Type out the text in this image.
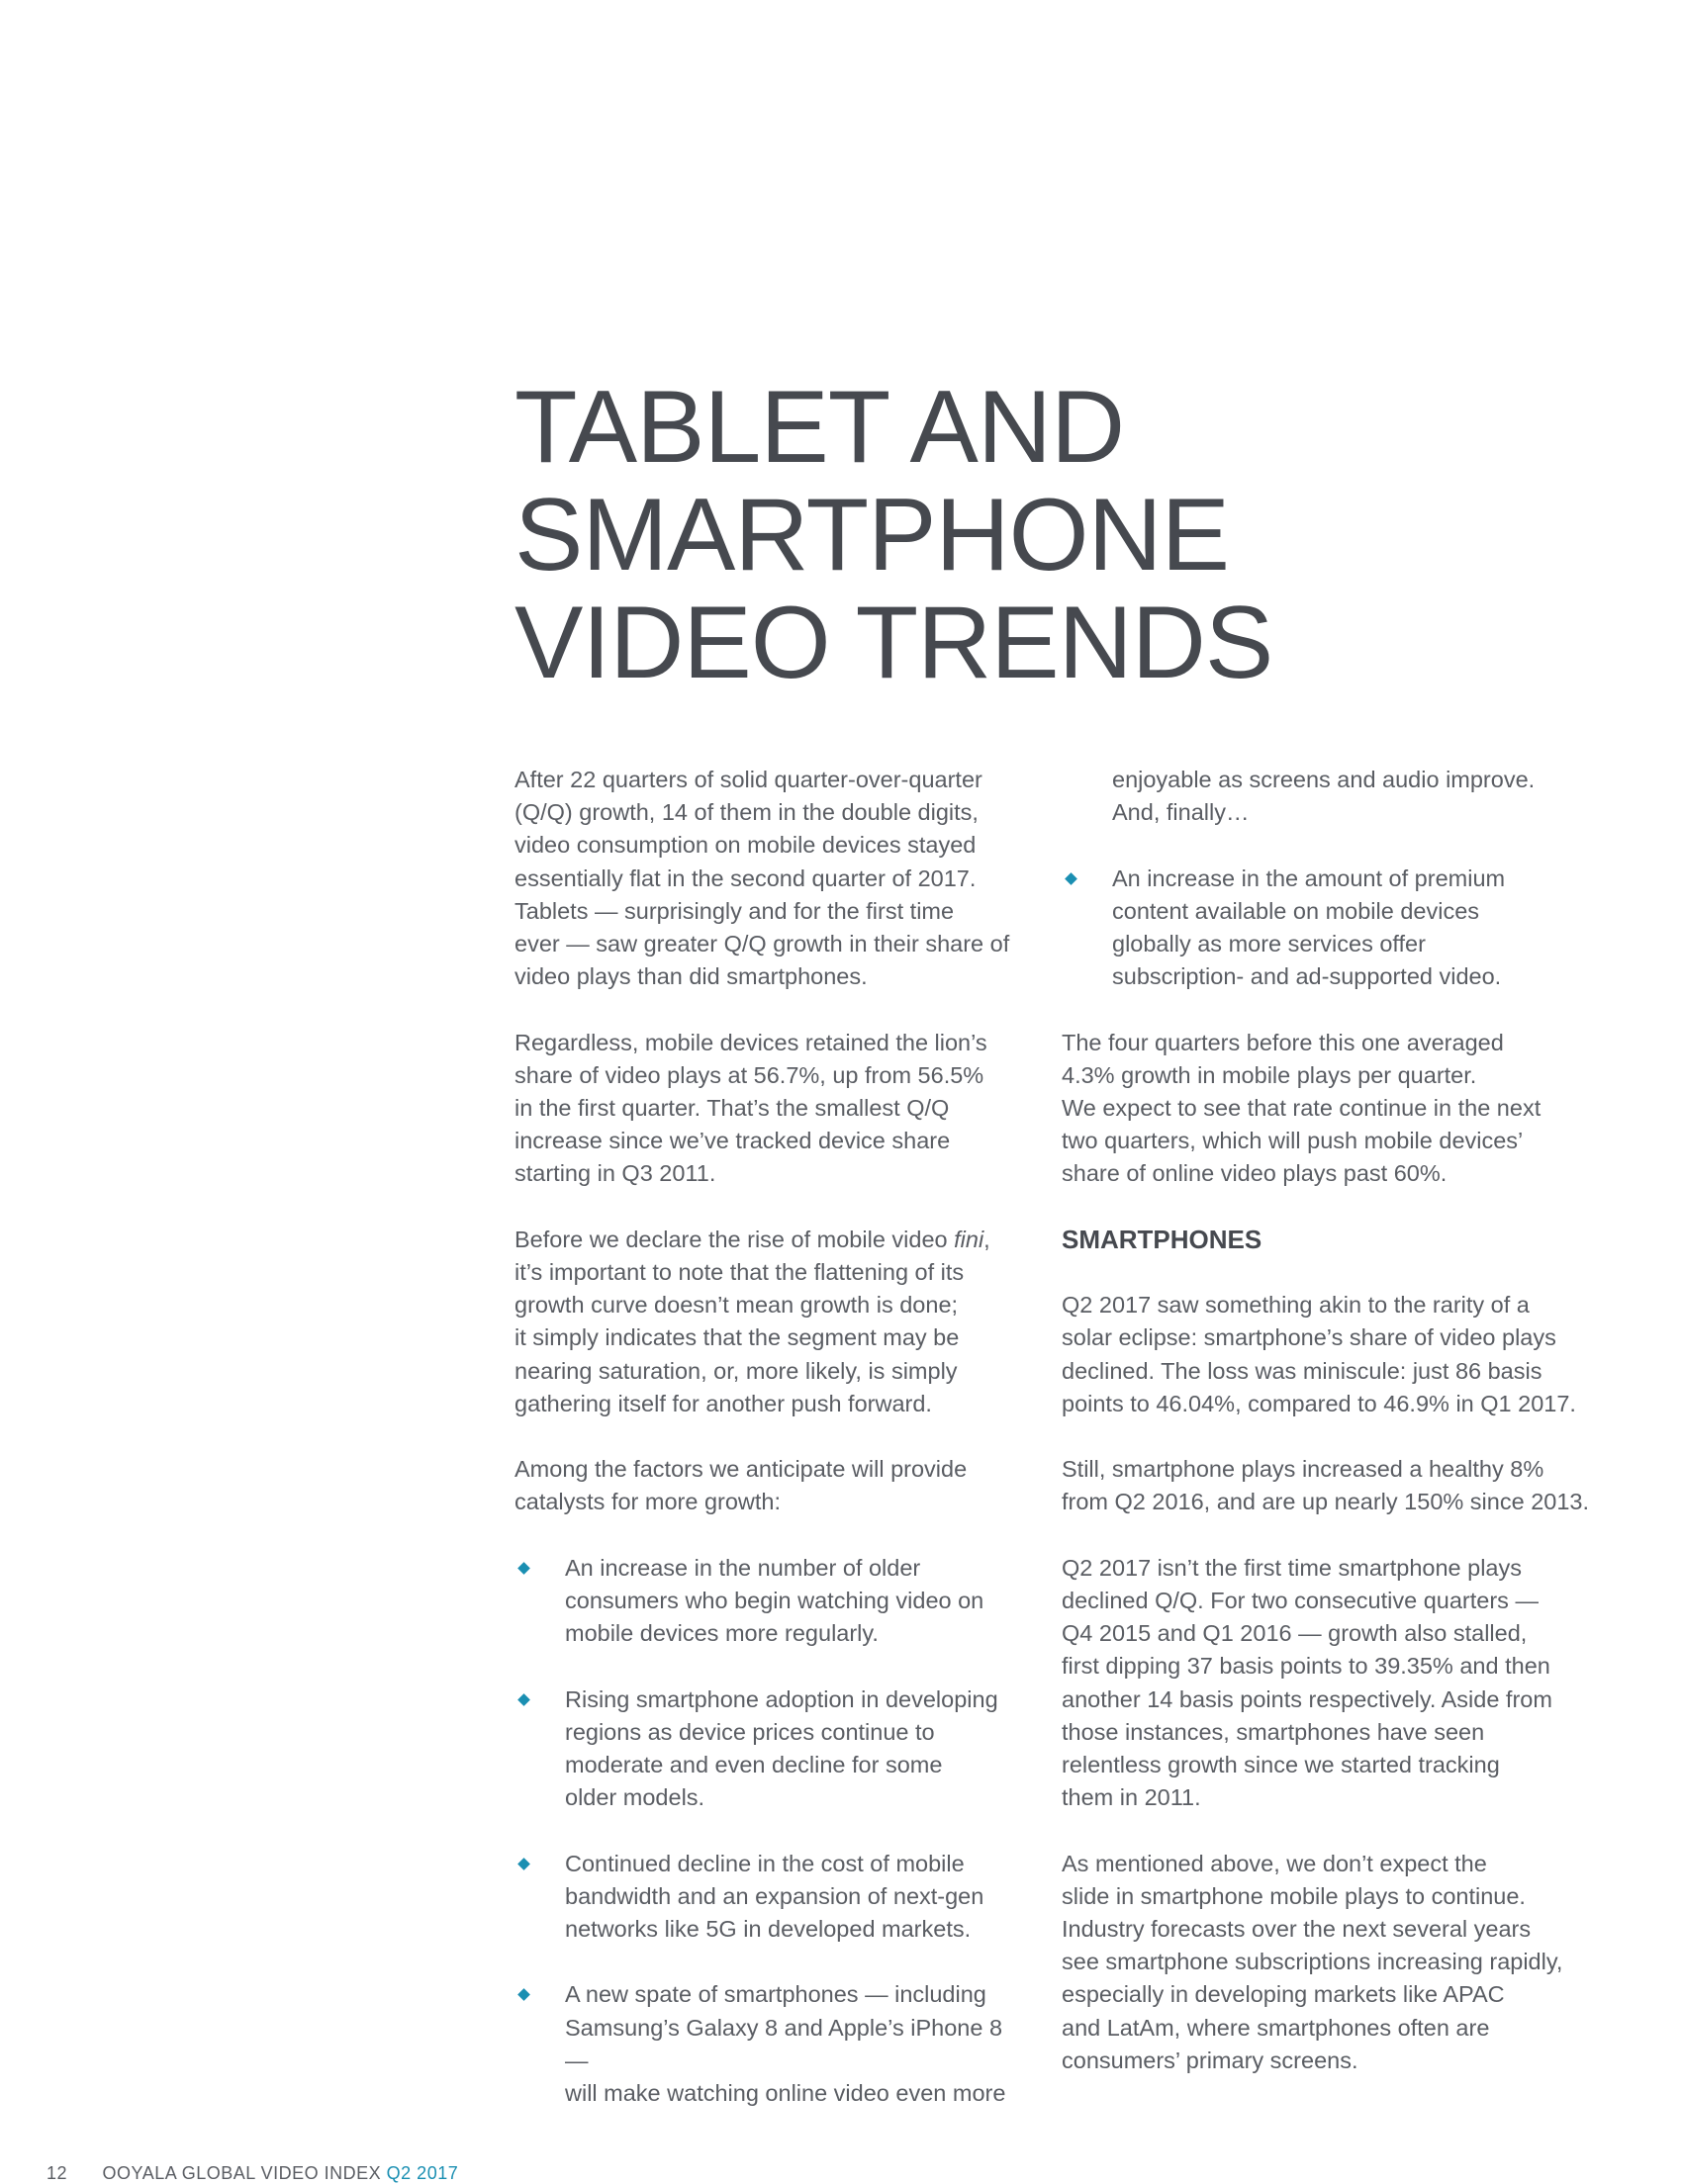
TABLET AND
SMARTPHONE
VIDEO TRENDS

After 22 quarters of solid quarter-over-quarter
(Q/Q) growth, 14 of them in the double digits,
video consumption on mobile devices stayed
essentially flat in the second quarter of 2017.
Tablets — surprisingly and for the first time
ever — saw greater Q/Q growth in their share of
video plays than did smartphones.

Regardless, mobile devices retained the lion’s
share of video plays at 56.7%, up from 56.5%
in the first quarter. That’s the smallest Q/Q
increase since we’ve tracked device share
starting in Q3 2011.

Before we declare the rise of mobile video fini,
it’s important to note that the flattening of its
growth curve doesn’t mean growth is done;
it simply indicates that the segment may be
nearing saturation, or, more likely, is simply
gathering itself for another push forward.

Among the factors we anticipate will provide
catalysts for more growth:

An increase in the number of older
consumers who begin watching video on
mobile devices more regularly.
Rising smartphone adoption in developing
regions as device prices continue to
moderate and even decline for some
older models.
Continued decline in the cost of mobile
bandwidth and an expansion of next-gen
networks like 5G in developed markets.
A new spate of smartphones — including
Samsung’s Galaxy 8 and Apple’s iPhone 8 —
will make watching online video even more
enjoyable as screens and audio improve.
And, finally…
An increase in the amount of premium
content available on mobile devices
globally as more services offer
subscription- and ad-supported video.

The four quarters before this one averaged
4.3% growth in mobile plays per quarter.
We expect to see that rate continue in the next
two quarters, which will push mobile devices’
share of online video plays past 60%.

SMARTPHONES

Q2 2017 saw something akin to the rarity of a
solar eclipse: smartphone’s share of video plays
declined. The loss was miniscule: just 86 basis
points to 46.04%, compared to 46.9% in Q1 2017.

Still, smartphone plays increased a healthy 8%
from Q2 2016, and are up nearly 150% since 2013.

Q2 2017 isn’t the first time smartphone plays
declined Q/Q. For two consecutive quarters —
Q4 2015 and Q1 2016 — growth also stalled,
first dipping 37 basis points to 39.35% and then
another 14 basis points respectively. Aside from
those instances, smartphones have seen
relentless growth since we started tracking
them in 2011.

As mentioned above, we don’t expect the
slide in smartphone mobile plays to continue.
Industry forecasts over the next several years
see smartphone subscriptions increasing rapidly,
especially in developing markets like APAC
and LatAm, where smartphones often are
consumers’ primary screens.

12 OOYALA GLOBAL VIDEO INDEX Q2 2017
